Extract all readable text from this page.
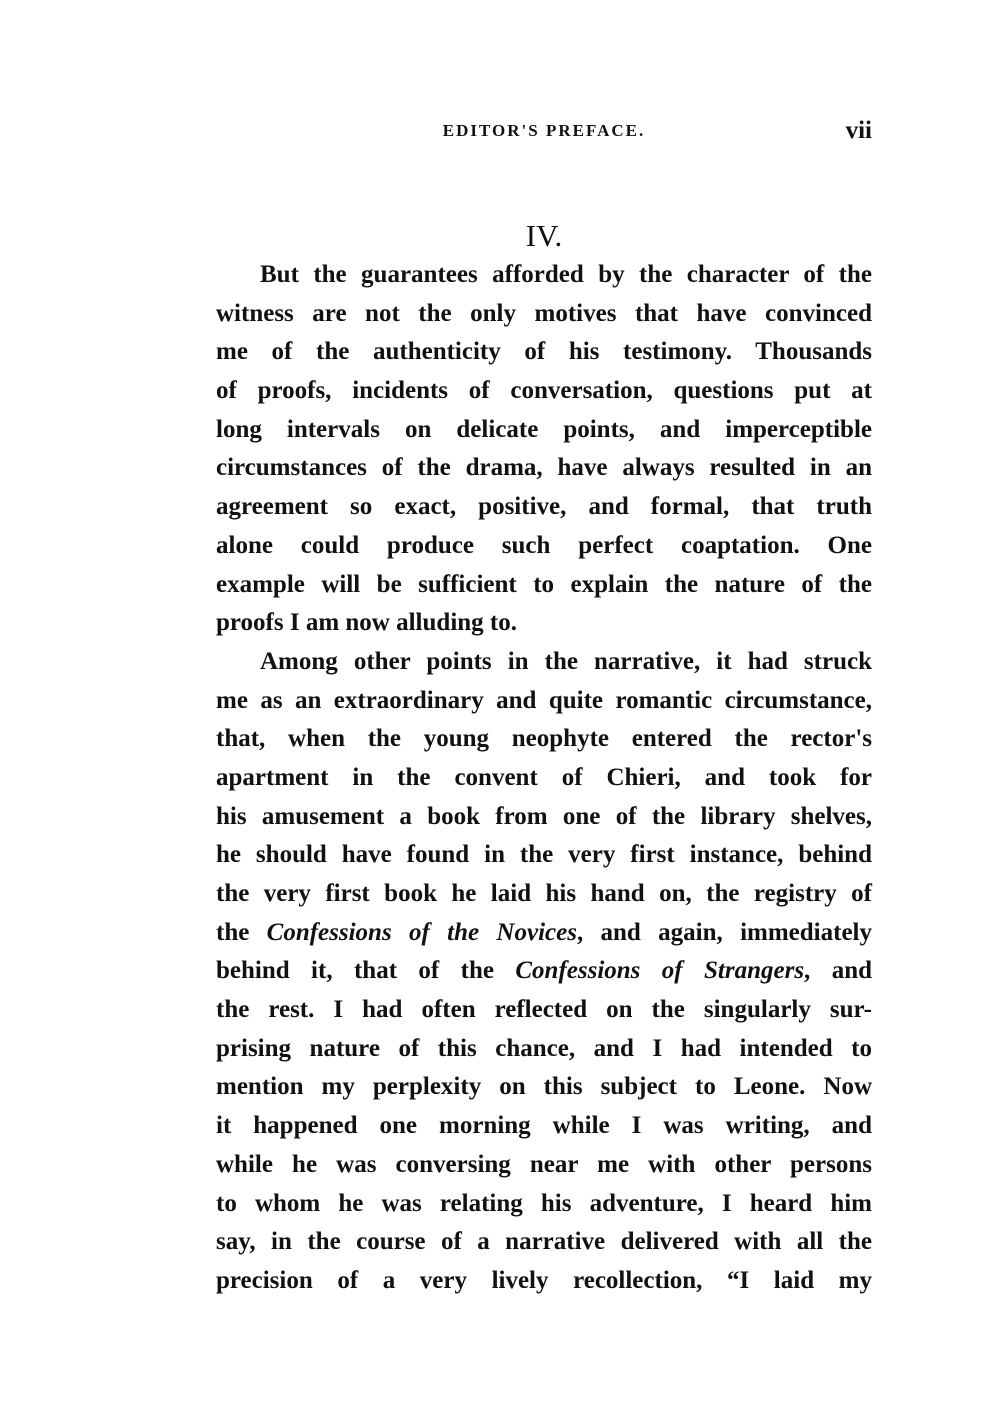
EDITOR'S PREFACE.	vii
IV.
But the guarantees afforded by the character of the
witness are not the only motives that have convinced
me of the authenticity of his testimony. Thousands
of proofs, incidents of conversation, questions put at
long intervals on delicate points, and imperceptible
circumstances of the drama, have always resulted in an
agreement so exact, positive, and formal, that truth
alone could produce such perfect coaptation. One
example will be sufficient to explain the nature of the
proofs I am now alluding to.
Among other points in the narrative, it had struck
me as an extraordinary and quite romantic circumstance,
that, when the young neophyte entered the rector's
apartment in the convent of Chieri, and took for
his amusement a book from one of the library shelves,
he should have found in the very first instance, behind
the very first book he laid his hand on, the registry of
the Confessions of the Novices, and again, immediately
behind it, that of the Confessions of Strangers, and
the rest. I had often reflected on the singularly sur-
prising nature of this chance, and I had intended to
mention my perplexity on this subject to Leone. Now
it happened one morning while I was writing, and
while he was conversing near me with other persons
to whom he was relating his adventure, I heard him
say, in the course of a narrative delivered with all the
precision of a very lively recollection, “I laid my
